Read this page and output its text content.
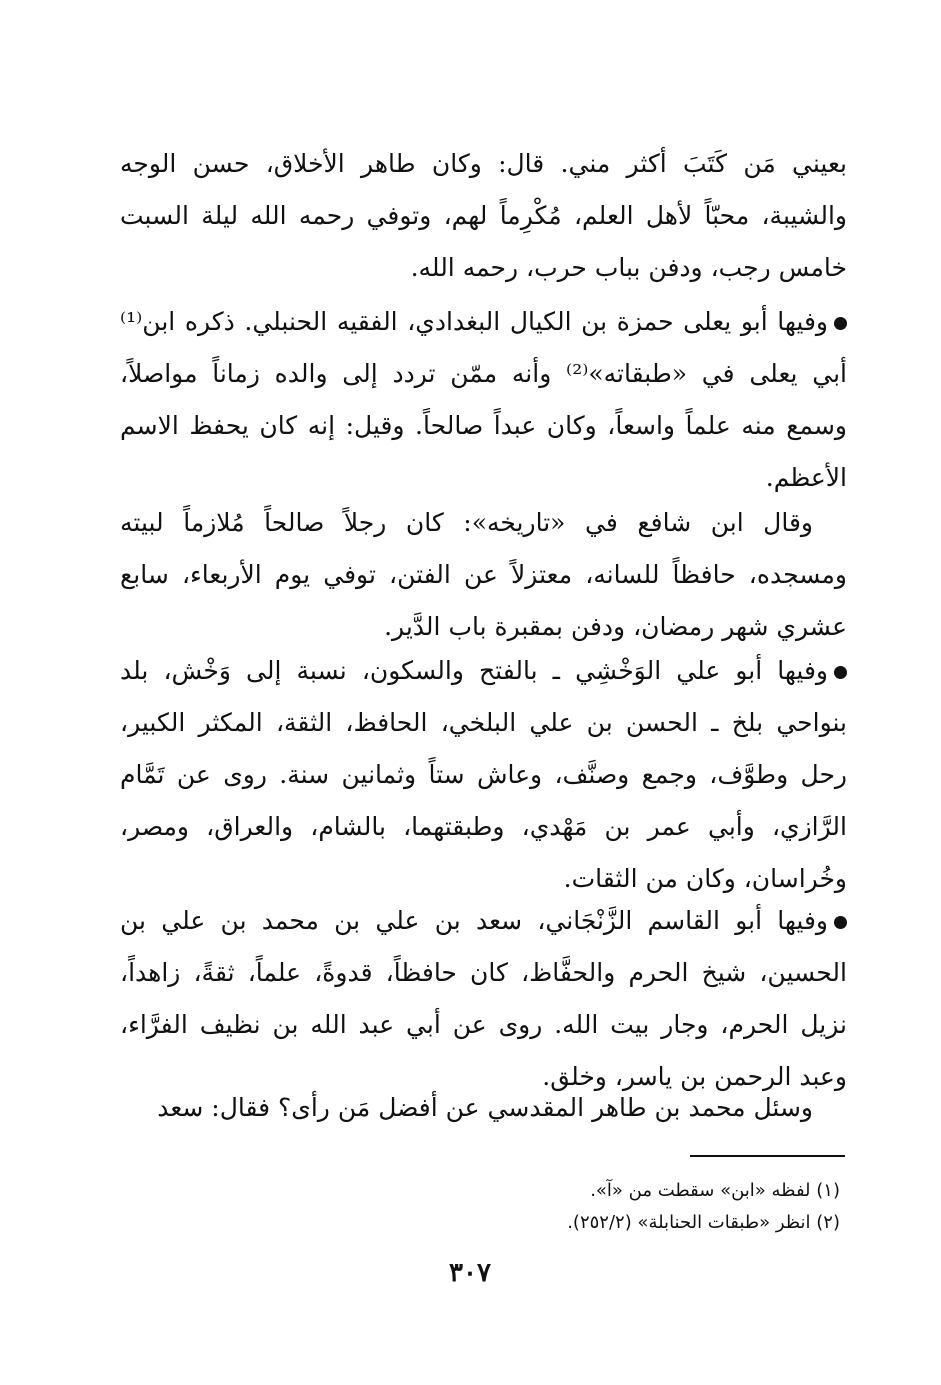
بعيني مَن كَتَبَ أكثر مني. قال: وكان طاهر الأخلاق، حسن الوجه والشيبة، محبّاً لأهل العلم، مُكْرِماً لهم، وتوفي رحمه الله ليلة السبت خامس رجب، ودفن بباب حرب، رحمه الله.

وفيها أبو يعلى حمزة بن الكيال البغدادي، الفقيه الحنبلي. ذكره ابن⁽¹⁾ أبي يعلى في «طبقاته»⁽²⁾ وأنه ممّن تردد إلى والده زماناً مواصلاً، وسمع منه علماً واسعاً، وكان عبداً صالحاً. وقيل: إنه كان يحفظ الاسم الأعظم.

وقال ابن شافع في «تاريخه»: كان رجلاً صالحاً مُلازماً لبيته ومسجده، حافظاً للسانه، معتزلاً عن الفتن، توفي يوم الأربعاء، سابع عشري شهر رمضان، ودفن بمقبرة باب الدَّير.

وفيها أبو علي الوَخْشِي ـ بالفتح والسكون، نسبة إلى وَخْش، بلد بنواحي بلخ ـ الحسن بن علي البلخي، الحافظ، الثقة، المكثر الكبير، رحل وطوَّف، وجمع وصنَّف، وعاش ستاً وثمانين سنة. روى عن تَمَّام الرَّازي، وأبي عمر بن مَهْدي، وطبقتهما، بالشام، والعراق، ومصر، وخُراسان، وكان من الثقات.

وفيها أبو القاسم الزَّنْجَاني، سعد بن علي بن محمد بن علي بن الحسين، شيخ الحرم والحفَّاظ، كان حافظاً، قدوةً، علماً، ثقةً، زاهداً، نزيل الحرم، وجار بيت الله. روى عن أبي عبد الله بن نظيف الفرَّاء، وعبد الرحمن بن ياسر، وخلق.

وسئل محمد بن طاهر المقدسي عن أفضل مَن رأى؟ فقال: سعد

(١) لفظه «ابن» سقطت من «آ».

(٢) انظر «طبقات الحنابلة» (٢٥٢/٢).

٣٠٧
